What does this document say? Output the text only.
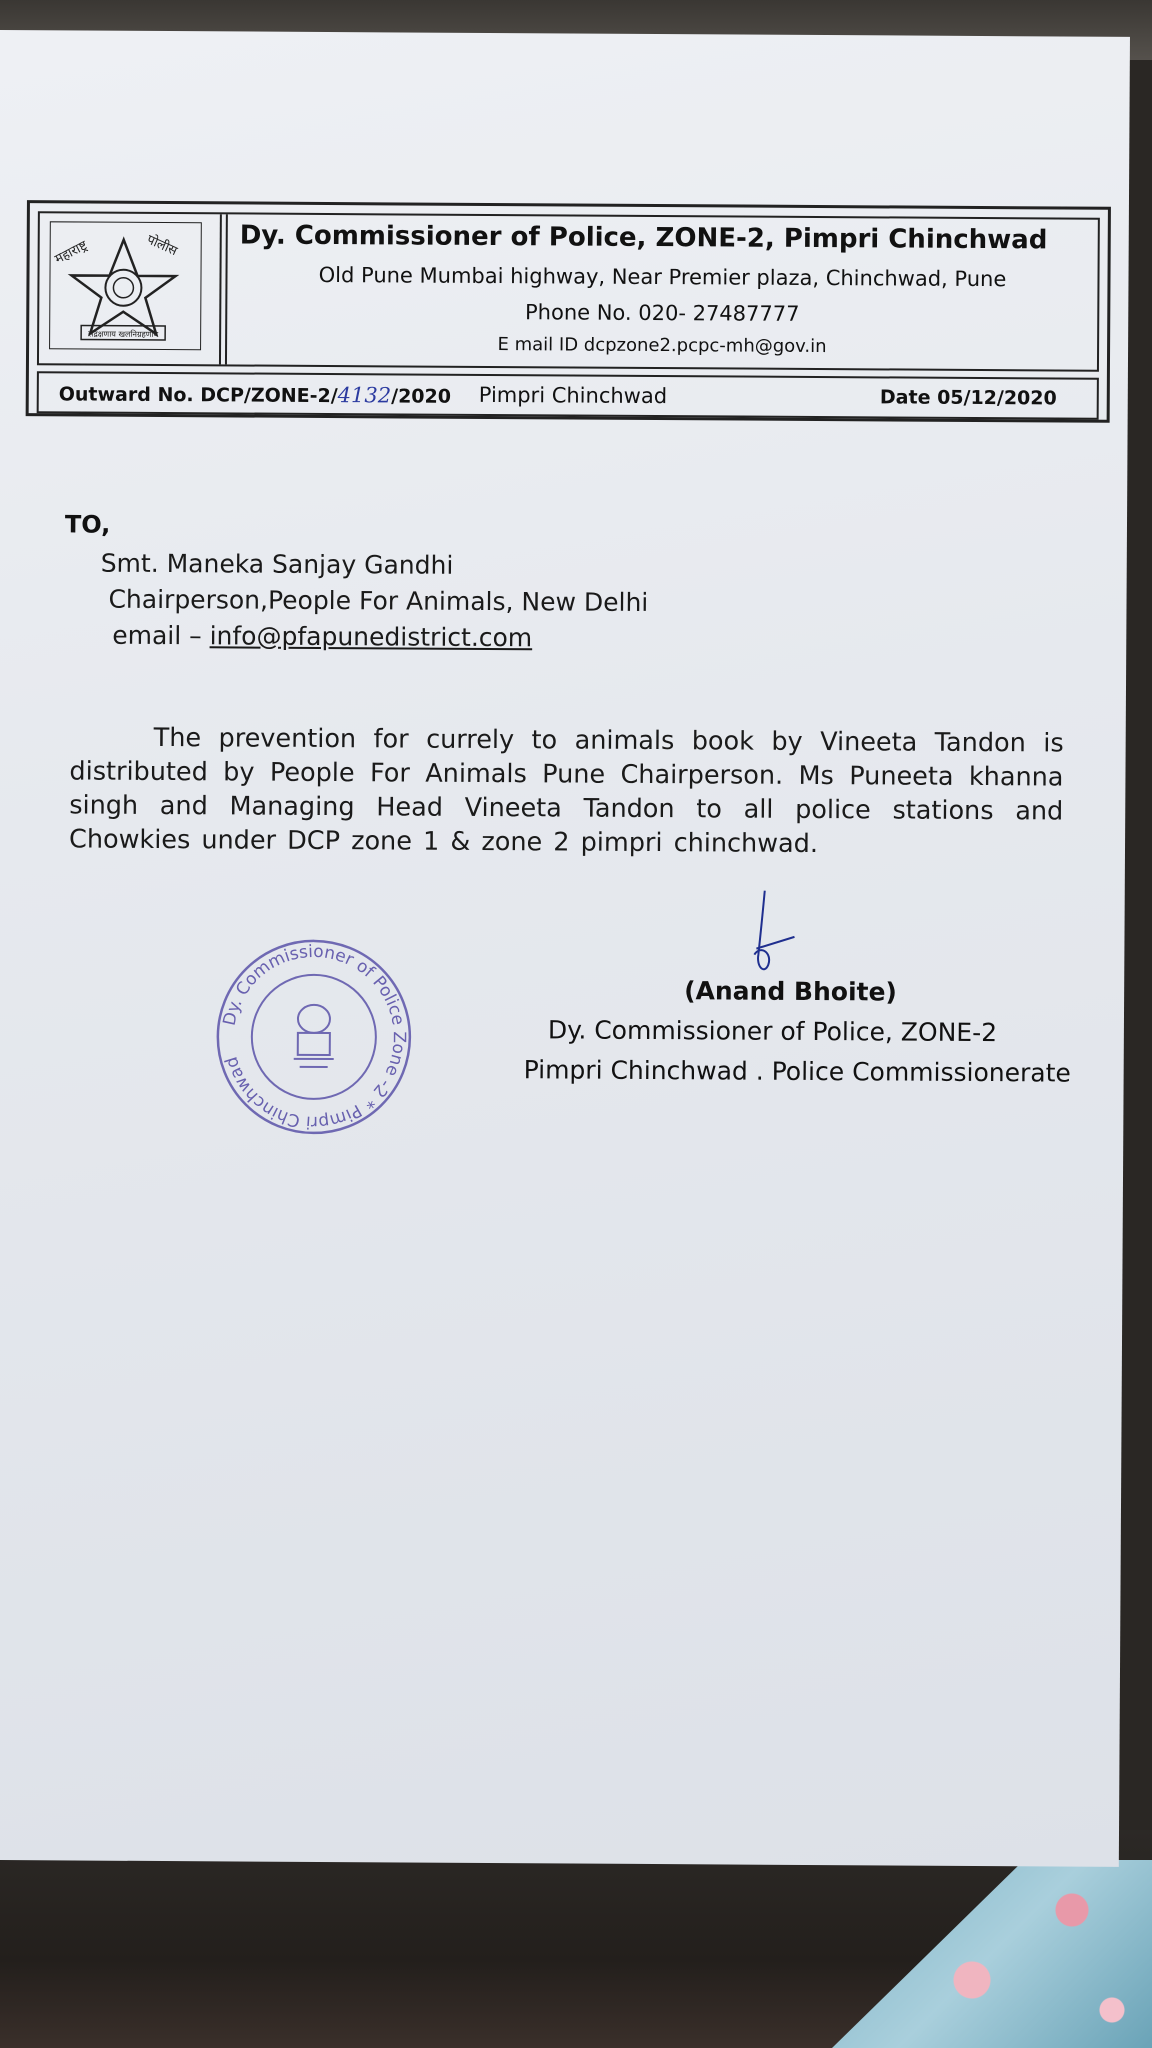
महाराष्ट्र	पोलीस
सद्रक्षणाय खलनिग्रहणाय
Dy. Commissioner of Police, ZONE-2, Pimpri Chinchwad
Old Pune Mumbai highway, Near Premier plaza, Chinchwad, Pune
Phone No. 020- 27487777
E mail ID dcpzone2.pcpc-mh@gov.in
Outward No. DCP/ZONE-2/4132/2020 Pimpri Chinchwad	Date 05/12/2020
TO,
Smt. Maneka Sanjay Gandhi
Chairperson,People For Animals, New Delhi
email – info@pfapunedistrict.com
The prevention for currely to animals book by Vineeta Tandon is distributed by People For Animals Pune Chairperson. Ms Puneeta khanna singh and Managing Head Vineeta Tandon to all police stations and Chowkies under DCP zone 1 & zone 2 pimpri chinchwad.
Dy. Commissioner of Police Zone -2 * Pimpri Chinchwad
(Anand Bhoite)
Dy. Commissioner of Police, ZONE-2
Pimpri Chinchwad . Police Commissionerate
